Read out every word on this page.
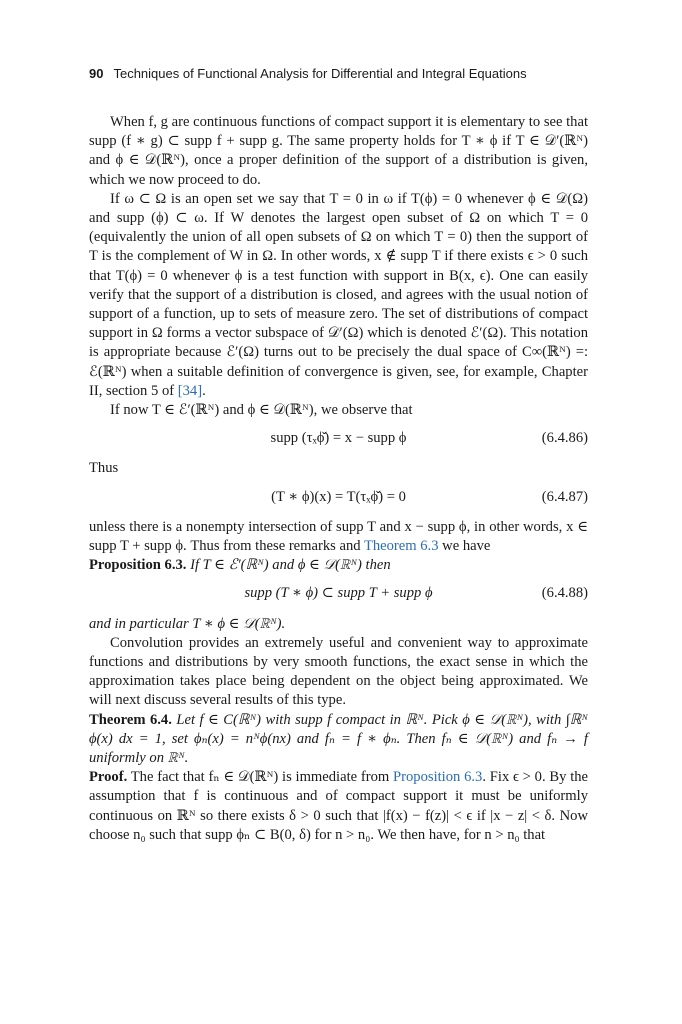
90 Techniques of Functional Analysis for Differential and Integral Equations

When f, g are continuous functions of compact support it is elementary to see that supp (f ∗ g) ⊂ supp f + supp g. The same property holds for T ∗ ϕ if T ∈ 𝒟′(ℝᴺ) and ϕ ∈ 𝒟(ℝᴺ), once a proper definition of the support of a distribution is given, which we now proceed to do.

If ω ⊂ Ω is an open set we say that T = 0 in ω if T(ϕ) = 0 whenever ϕ ∈ 𝒟(Ω) and supp (ϕ) ⊂ ω. If W denotes the largest open subset of Ω on which T = 0 (equivalently the union of all open subsets of Ω on which T = 0) then the support of T is the complement of W in Ω. In other words, x ∉ supp T if there exists ϵ > 0 such that T(ϕ) = 0 whenever ϕ is a test function with support in B(x, ϵ). One can easily verify that the support of a distribution is closed, and agrees with the usual notion of support of a function, up to sets of measure zero. The set of distributions of compact support in Ω forms a vector subspace of 𝒟′(Ω) which is denoted ℰ′(Ω). This notation is appropriate because ℰ′(Ω) turns out to be precisely the dual space of C∞(ℝᴺ) =: ℰ(ℝᴺ) when a suitable definition of convergence is given, see, for example, Chapter II, section 5 of [34].

If now T ∈ ℰ′(ℝᴺ) and ϕ ∈ 𝒟(ℝᴺ), we observe that

supp (τₓϕ̌) = x − supp ϕ	(6.4.86)

Thus

(T ∗ ϕ)(x) = T(τₓϕ̌) = 0	(6.4.87)

unless there is a nonempty intersection of supp T and x − supp ϕ, in other words, x ∈ supp T + supp ϕ. Thus from these remarks and Theorem 6.3 we have

Proposition 6.3. If T ∈ ℰ′(ℝᴺ) and ϕ ∈ 𝒟(ℝᴺ) then

supp (T ∗ ϕ) ⊂ supp T + supp ϕ	(6.4.88)

and in particular T ∗ ϕ ∈ 𝒟(ℝᴺ).

Convolution provides an extremely useful and convenient way to approximate functions and distributions by very smooth functions, the exact sense in which the approximation takes place being dependent on the object being approximated. We will next discuss several results of this type.

Theorem 6.4. Let f ∈ C(ℝᴺ) with supp f compact in ℝᴺ. Pick ϕ ∈ 𝒟(ℝᴺ), with ∫ℝᴺ ϕ(x) dx = 1, set ϕₙ(x) = nᴺϕ(nx) and fₙ = f ∗ ϕₙ. Then fₙ ∈ 𝒟(ℝᴺ) and fₙ → f uniformly on ℝᴺ.

Proof. The fact that fₙ ∈ 𝒟(ℝᴺ) is immediate from Proposition 6.3. Fix ϵ > 0. By the assumption that f is continuous and of compact support it must be uniformly continuous on ℝᴺ so there exists δ > 0 such that |f(x) − f(z)| < ϵ if |x − z| < δ. Now choose n₀ such that supp ϕₙ ⊂ B(0, δ) for n > n₀. We then have, for n > n₀ that
